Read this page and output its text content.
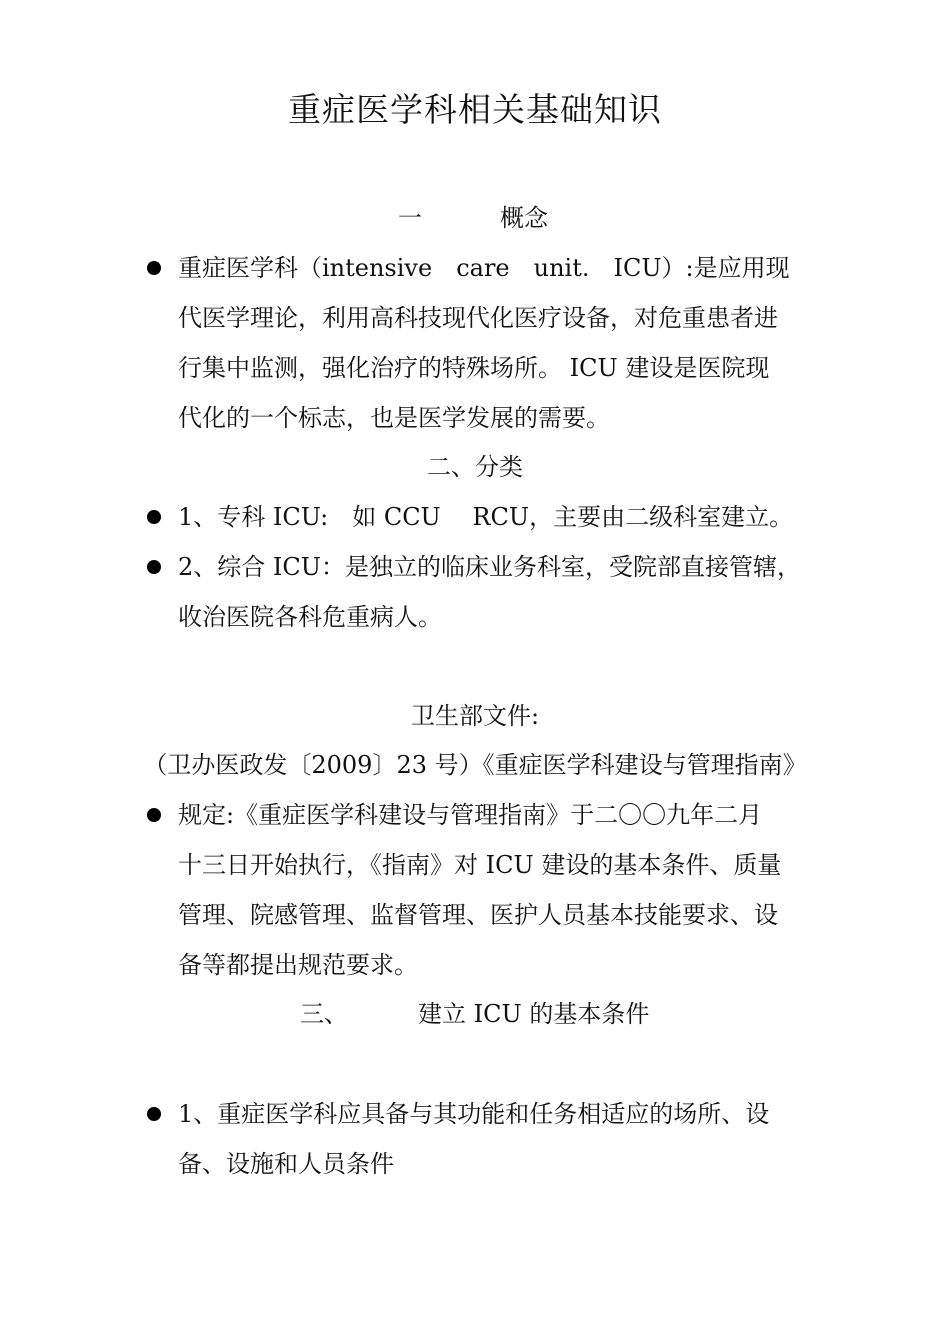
重症医学科相关基础知识
一	概念
重症医学科（intensive　care　unit.　ICU）:是应用现
代医学理论，利用高科技现代化医疗设备，对危重患者进
行集中监测，强化治疗的特殊场所。 ICU 建设是医院现
代化的一个标志，也是医学发展的需要。
二、分类
1、专科 ICU:　如 CCU　 RCU，主要由二级科室建立。
2、综合 ICU：是独立的临床业务科室，受院部直接管辖，
收治医院各科危重病人。
卫生部文件:
（卫办医政发〔2009〕23 号）《重症医学科建设与管理指南》
规定:《重症医学科建设与管理指南》于二〇〇九年二月
十三日开始执行，《指南》对 ICU 建设的基本条件、质量
管理、院感管理、监督管理、医护人员基本技能要求、设
备等都提出规范要求。
三、	建立 ICU 的基本条件
1、重症医学科应具备与其功能和任务相适应的场所、设
备、设施和人员条件
